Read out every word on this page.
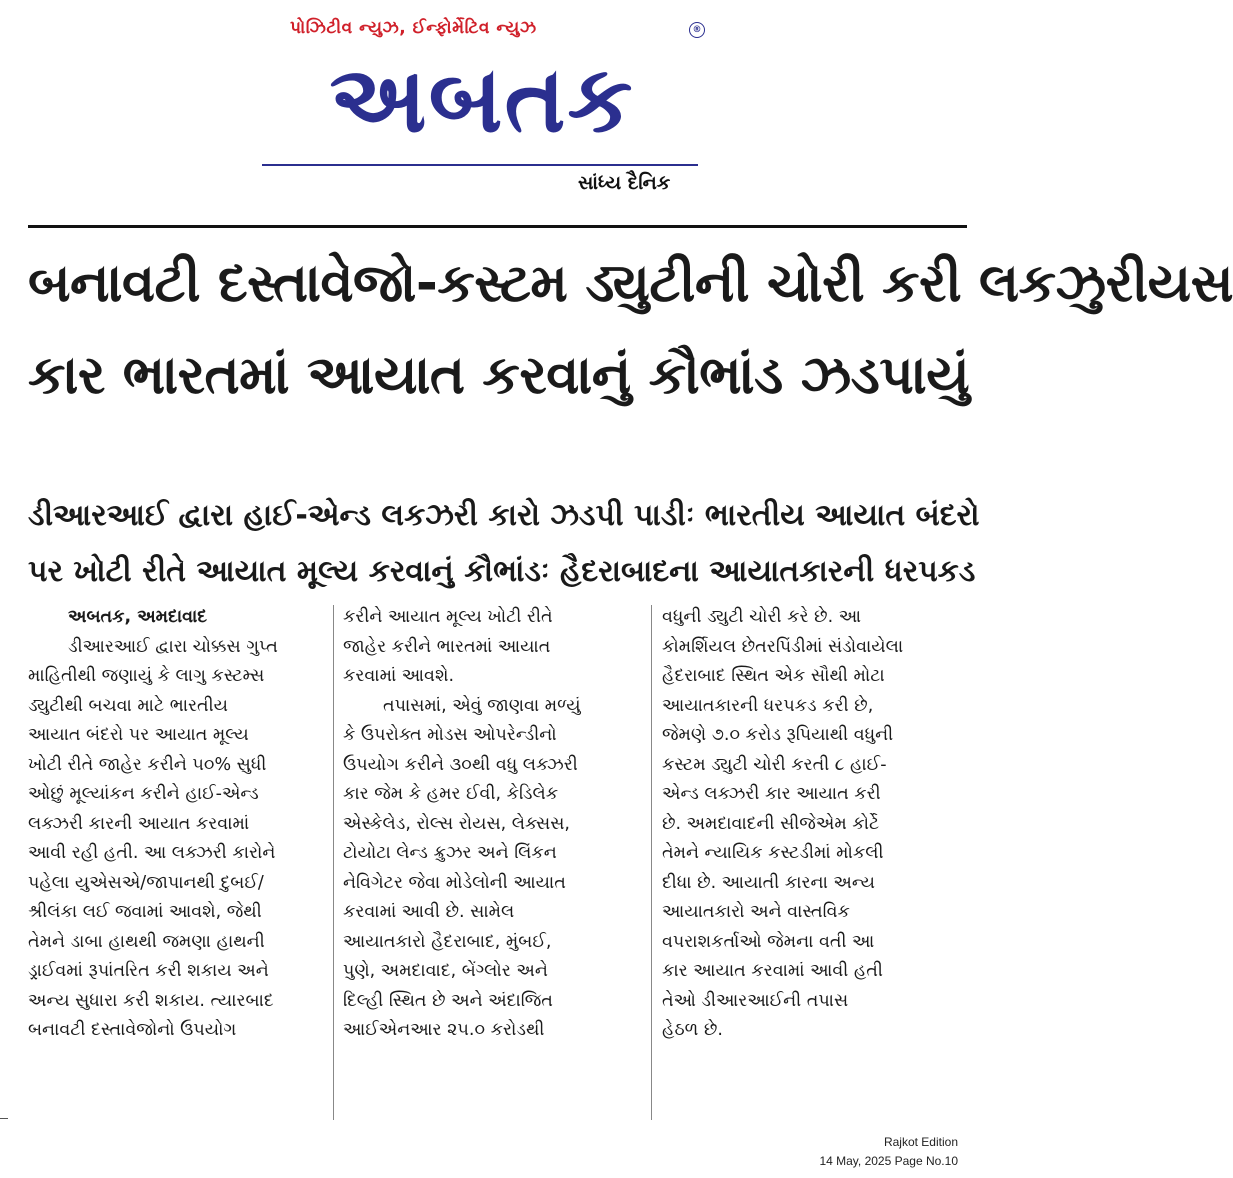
પોઝિટીવ ન્યુઝ, ઈન્ફોર્મેટિવ ન્યુઝ	®
અબતક
સાંધ્ય દૈનિક
બનાવટી દસ્તાવેજો-કસ્ટમ ડ્યુટીની ચોરી કરી લકઝુરીયસ
કાર ભારતમાં આયાત કરવાનું કૌભાંડ ઝડપાયું
ડીઆરઆઈ દ્વારા હાઈ-એન્ડ લકઝરી કારો ઝડપી પાડીઃ ભારતીય આયાત બંદરો
પર ખોટી રીતે આયાત મૂલ્ય કરવાનું કૌભાંડઃ હૈદરાબાદના આયાતકારની ધરપકડ
અબતક, અમદાવાદ
ડીઆરઆઈ દ્વારા ચોક્કસ ગુપ્ત
માહિતીથી જણાયું કે લાગુ કસ્ટમ્સ
ડ્યુટીથી બચવા માટે ભારતીય
આયાત બંદરો પર આયાત મૂલ્ય
ખોટી રીતે જાહેર કરીને ૫૦% સુધી
ઓછું મૂલ્યાંકન કરીને હાઈ-એન્ડ
લક્ઝરી કારની આયાત કરવામાં
આવી રહી હતી. આ લક્ઝરી કારોને
પહેલા યુએસએ/જાપાનથી દુબઈ/
શ્રીલંકા લઈ જવામાં આવશે, જેથી
તેમને ડાબા હાથથી જમણા હાથની
ડ્રાઈવમાં રૂપાંતરિત કરી શકાય અને
અન્ય સુધારા કરી શકાય. ત્યારબાદ
બનાવટી દસ્તાવેજોનો ઉપયોગ
કરીને આયાત મૂલ્ય ખોટી રીતે
જાહેર કરીને ભારતમાં આયાત
કરવામાં આવશે.
તપાસમાં, એવું જાણવા મળ્યું
કે ઉપરોક્ત મોડસ ઓપરેન્ડીનો
ઉપયોગ કરીને ૩૦થી વધુ લક્ઝરી
કાર જેમ કે હમર ઈવી, કેડિલેક
એસ્કેલેડ, રોલ્સ રોયસ, લેક્સસ,
ટોયોટા લેન્ડ ક્રુઝર અને લિંકન
નેવિગેટર જેવા મોડેલોની આયાત
કરવામાં આવી છે. સામેલ
આયાતકારો હૈદરાબાદ, મુંબઈ,
પુણે, અમદાવાદ, બેંગ્લોર અને
દિલ્હી સ્થિત છે અને અંદાજિત
આઈએનઆર ૨૫.૦ કરોડથી
વધુની ડ્યુટી ચોરી કરે છે. આ
કોમર્શિયલ છેતરપિંડીમાં સંડોવાયેલા
હૈદરાબાદ સ્થિત એક સૌથી મોટા
આયાતકારની ધરપકડ કરી છે,
જેમણે ૭.૦ કરોડ રૂપિયાથી વધુની
કસ્ટમ ડ્યુટી ચોરી કરતી ૮ હાઈ-
એન્ડ લક્ઝરી કાર આયાત કરી
છે. અમદાવાદની સીજેએમ કોર્ટે
તેમને ન્યાયિક કસ્ટડીમાં મોકલી
દીધા છે. આયાતી કારના અન્ય
આયાતકારો અને વાસ્તવિક
વપરાશકર્તાઓ જેમના વતી આ
કાર આયાત કરવામાં આવી હતી
તેઓ ડીઆરઆઈની તપાસ
હેઠળ છે.
Rajkot Edition
14 May, 2025 Page No.10
